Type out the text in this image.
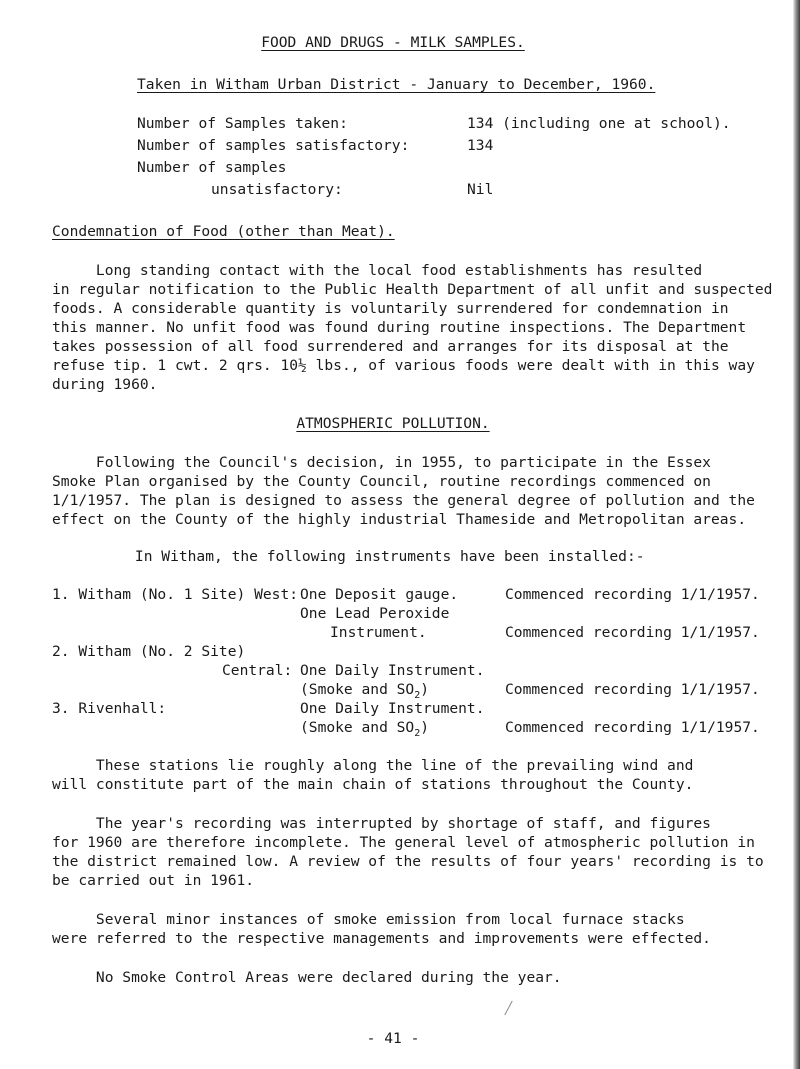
FOOD AND DRUGS - MILK SAMPLES.
Taken in Witham Urban District - January to December, 1960.
Number of Samples taken:	134 (including one at school).
Number of samples satisfactory:	134
Number of samples
unsatisfactory:	Nil
Condemnation of Food (other than Meat).
Long standing contact with the local food establishments has resulted
in regular notification to the Public Health Department of all unfit and suspected
foods. A considerable quantity is voluntarily surrendered for condemnation in
this manner. No unfit food was found during routine inspections. The Department
takes possession of all food surrendered and arranges for its disposal at the
refuse tip. 1 cwt. 2 qrs. 10½ lbs., of various foods were dealt with in this way
during 1960.
ATMOSPHERIC POLLUTION.
Following the Council's decision, in 1955, to participate in the Essex
Smoke Plan organised by the County Council, routine recordings commenced on
1/1/1957. The plan is designed to assess the general degree of pollution and the
effect on the County of the highly industrial Thameside and Metropolitan areas.
In Witham, the following instruments have been installed:-
1. Witham (No. 1 Site) West: One Deposit gauge.	Commenced recording 1/1/1957.
One Lead Peroxide
Instrument.	Commenced recording 1/1/1957.
2. Witham (No. 2 Site)
Central: One Daily Instrument.
(Smoke and $SO_2$)	Commenced recording 1/1/1957.
3. Rivenhall:	One Daily Instrument.
(Smoke and $SO_2$)	Commenced recording 1/1/1957.
These stations lie roughly along the line of the prevailing wind and
will constitute part of the main chain of stations throughout the County.
The year's recording was interrupted by shortage of staff, and figures
for 1960 are therefore incomplete. The general level of atmospheric pollution in
the district remained low. A review of the results of four years' recording is to
be carried out in 1961.
Several minor instances of smoke emission from local furnace stacks
were referred to the respective managements and improvements were effected.
No Smoke Control Areas were declared during the year.
- 41 -
